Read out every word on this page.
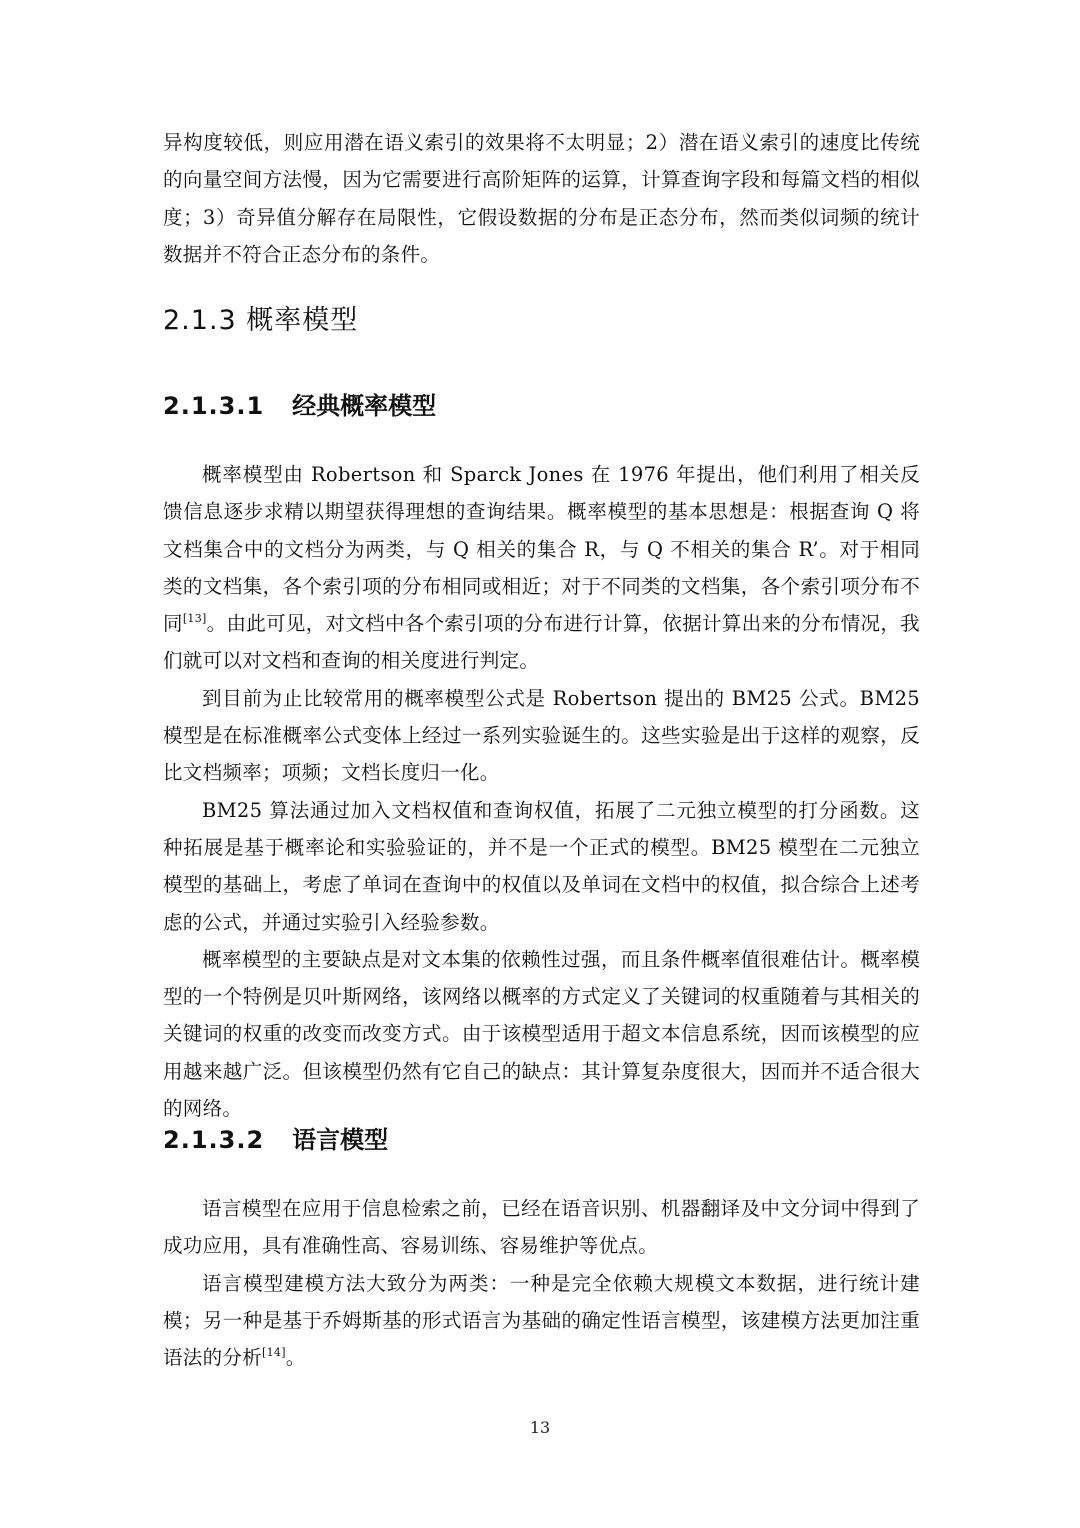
异构度较低，则应用潜在语义索引的效果将不太明显；2）潜在语义索引的速度比传统的向量空间方法慢，因为它需要进行高阶矩阵的运算，计算查询字段和每篇文档的相似度；3）奇异值分解存在局限性，它假设数据的分布是正态分布，然而类似词频的统计数据并不符合正态分布的条件。

2.1.3 概率模型
2.1.3.1 经典概率模型

概率模型由 Robertson 和 Sparck Jones 在 1976 年提出，他们利用了相关反馈信息逐步求精以期望获得理想的查询结果。概率模型的基本思想是：根据查询 Q 将文档集合中的文档分为两类，与 Q 相关的集合 R，与 Q 不相关的集合 R’。对于相同类的文档集，各个索引项的分布相同或相近；对于不同类的文档集，各个索引项分布不同[13]。由此可见，对文档中各个索引项的分布进行计算，依据计算出来的分布情况，我们就可以对文档和查询的相关度进行判定。

到目前为止比较常用的概率模型公式是 Robertson 提出的 BM25 公式。BM25 模型是在标准概率公式变体上经过一系列实验诞生的。这些实验是出于这样的观察，反比文档频率；项频；文档长度归一化。

BM25 算法通过加入文档权值和查询权值，拓展了二元独立模型的打分函数。这种拓展是基于概率论和实验验证的，并不是一个正式的模型。BM25 模型在二元独立模型的基础上，考虑了单词在查询中的权值以及单词在文档中的权值，拟合综合上述考虑的公式，并通过实验引入经验参数。

概率模型的主要缺点是对文本集的依赖性过强，而且条件概率值很难估计。概率模型的一个特例是贝叶斯网络，该网络以概率的方式定义了关键词的权重随着与其相关的关键词的权重的改变而改变方式。由于该模型适用于超文本信息系统，因而该模型的应用越来越广泛。但该模型仍然有它自己的缺点：其计算复杂度很大，因而并不适合很大的网络。

2.1.3.2 语言模型

语言模型在应用于信息检索之前，已经在语音识别、机器翻译及中文分词中得到了成功应用，具有准确性高、容易训练、容易维护等优点。

语言模型建模方法大致分为两类：一种是完全依赖大规模文本数据，进行统计建模；另一种是基于乔姆斯基的形式语言为基础的确定性语言模型，该建模方法更加注重语法的分析[14]。

13
